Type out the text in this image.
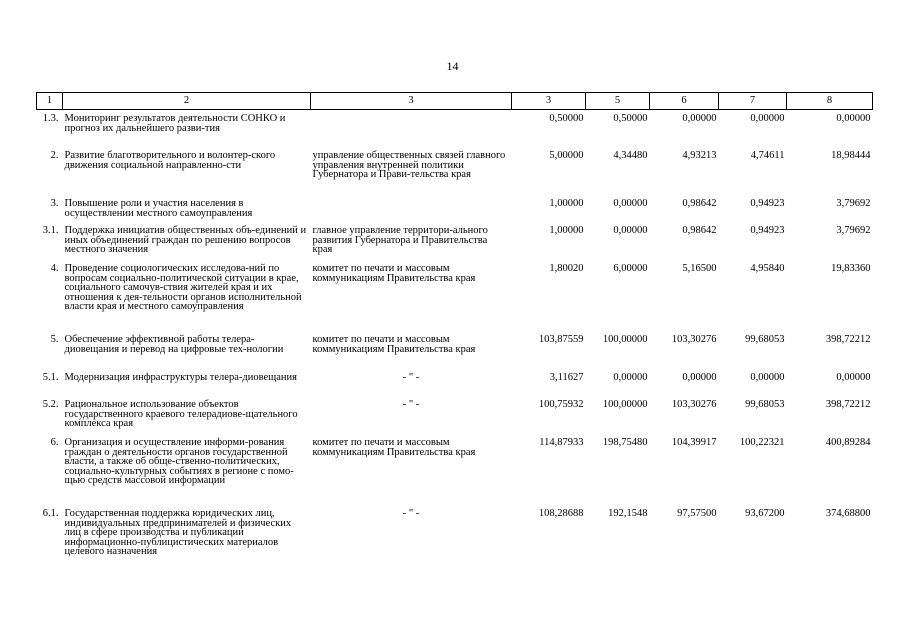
14
1	2	3	3	5	6	7	8

1.3.	Мониторинг результатов деятельности СОНКО и прогноз их дальнейшего разви-тия		0,50000	0,50000	0,00000	0,00000	0,00000
2.	Развитие благотворительного и волонтер-ского движения социальной направленно-сти	управление общественных связей главного управления внутренней политики Губернатора и Прави-тельства края	5,00000	4,34480	4,93213	4,74611	18,98444
3.	Повышение роли и участия населения в осуществлении местного самоуправления		1,00000	0,00000	0,98642	0,94923	3,79692
3.1.	Поддержка инициатив общественных объ-единений и иных объединений граждан по решению вопросов местного значения	главное управление территори-ального развития Губернатора и Правительства края	1,00000	0,00000	0,98642	0,94923	3,79692
4.	Проведение социологических исследова-ний по вопросам социально-политической ситуации в крае, социального самочув-ствия жителей края и их отношения к дея-тельности органов исполнительной власти края и местного самоуправления	комитет по печати и массовым коммуникациям Правительства края	1,80020	6,00000	5,16500	4,95840	19,83360
5.	Обеспечение эффективной работы телера-диовещания и перевод на цифровые тех-нологии	комитет по печати и массовым коммуникациям Правительства края	103,87559	100,00000	103,30276	99,68053	398,72212
5.1.	Модернизация инфраструктуры телера-диовещания	- " -	3,11627	0,00000	0,00000	0,00000	0,00000
5.2.	Рациональное использование объектов государственного краевого телерадиове-щательного комплекса края	- " -	100,75932	100,00000	103,30276	99,68053	398,72212
6.	Организация и осуществление информи-рования граждан о деятельности органов государственной власти, а также об обще-ственно-политических, социально-культурных событиях в регионе с помо-щью средств массовой информации	комитет по печати и массовым коммуникациям Правительства края	114,87933	198,75480	104,39917	100,22321	400,89284
6.1.	Государственная поддержка юридических лиц, индивидуальных предпринимателей и физических лиц в сфере производства и публикации информационно-публицистических материалов целевого назначения	- " -	108,28688	192,1548	97,57500	93,67200	374,68800
